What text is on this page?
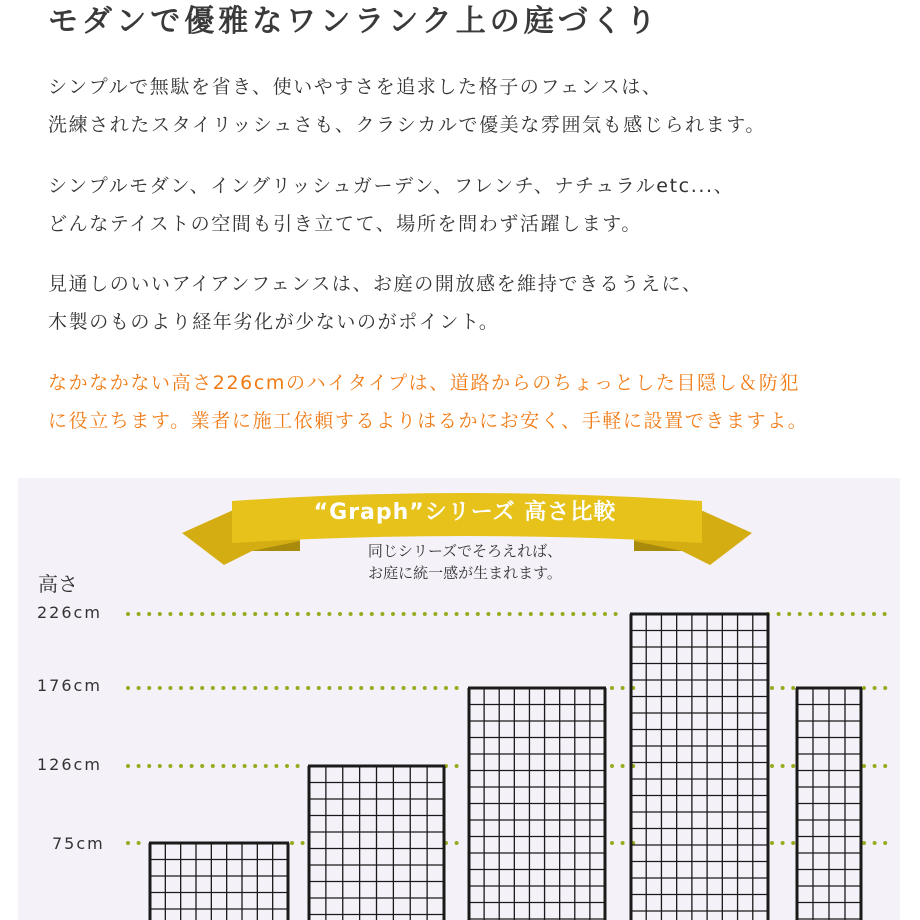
モダンで優雅なワンランク上の庭づくり
シンプルで無駄を省き、使いやすさを追求した格子のフェンスは、
洗練されたスタイリッシュさも、クラシカルで優美な雰囲気も感じられます。
シンプルモダン、イングリッシュガーデン、フレンチ、ナチュラルetc...、
どんなテイストの空間も引き立てて、場所を問わず活躍します。
見通しのいいアイアンフェンスは、お庭の開放感を維持できるうえに、
木製のものより経年劣化が少ないのがポイント。
なかなかない高さ226cmのハイタイプは、道路からのちょっとした目隠し＆防犯
に役立ちます。業者に施工依頼するよりはるかにお安く、手軽に設置できますよ。
“Graph”シリーズ 高さ比較
同じシリーズでそろえれば、
お庭に統一感が生まれます。
高さ
226cm
176cm
126cm
75cm
